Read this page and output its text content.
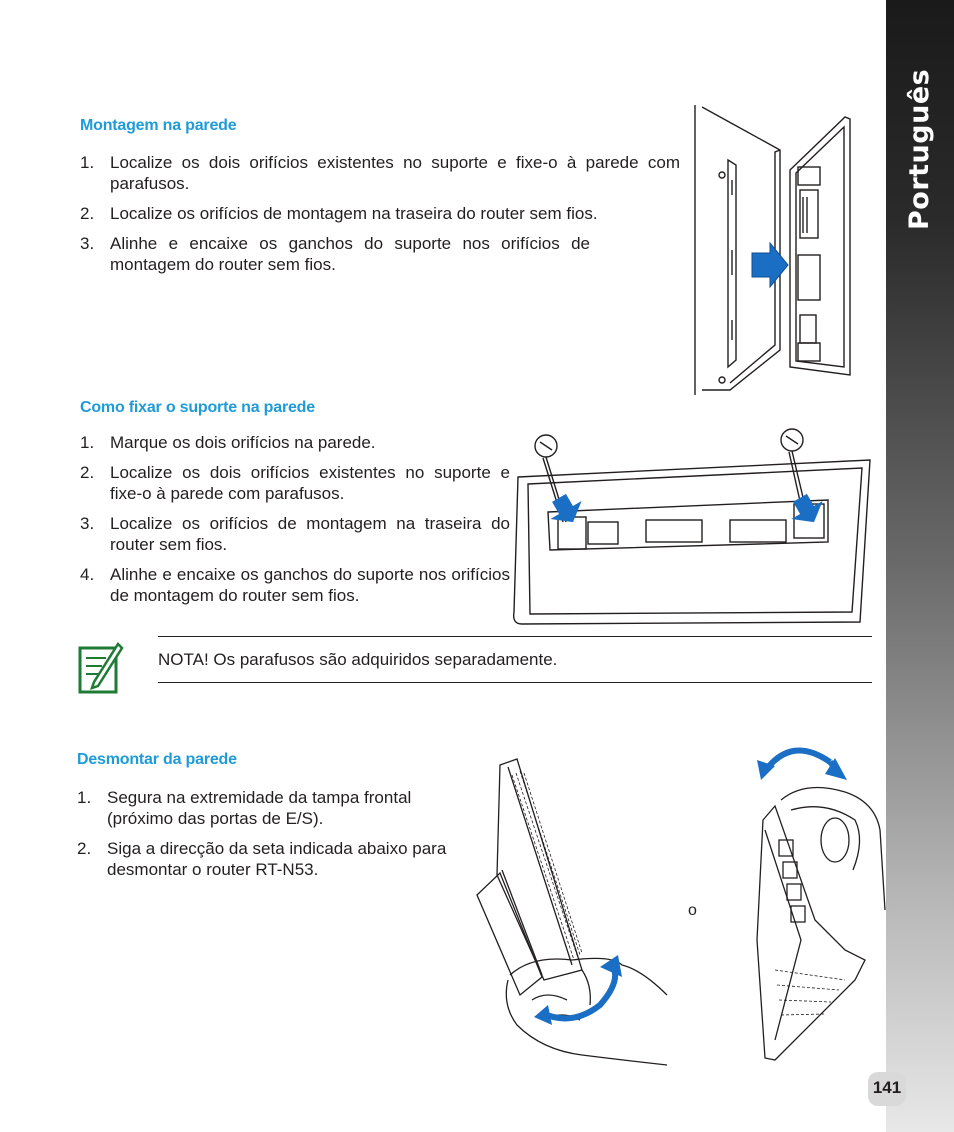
Português
Montagem na parede
1. Localize os dois orifícios existentes no suporte e fixe-o à parede com parafusos.
2. Localize os orifícios de montagem na traseira do router sem fios.
3. Alinhe e encaixe os ganchos do suporte nos orifícios de montagem do router sem fios.
Como fixar o suporte na parede
1. Marque os dois orifícios na parede.
2. Localize os dois orifícios existentes no suporte e fixe-o à parede com parafusos.
3. Localize os orifícios de montagem na traseira do router sem fios.
4. Alinhe e encaixe os ganchos do suporte nos orifícios de montagem do router sem fios.
NOTA! Os parafusos são adquiridos separadamente.
Desmontar da parede
1. Segura na extremidade da tampa frontal (próximo das portas de E/S).
2. Siga a direcção da seta indicada abaixo para desmontar o router RT-N53.
o
141
